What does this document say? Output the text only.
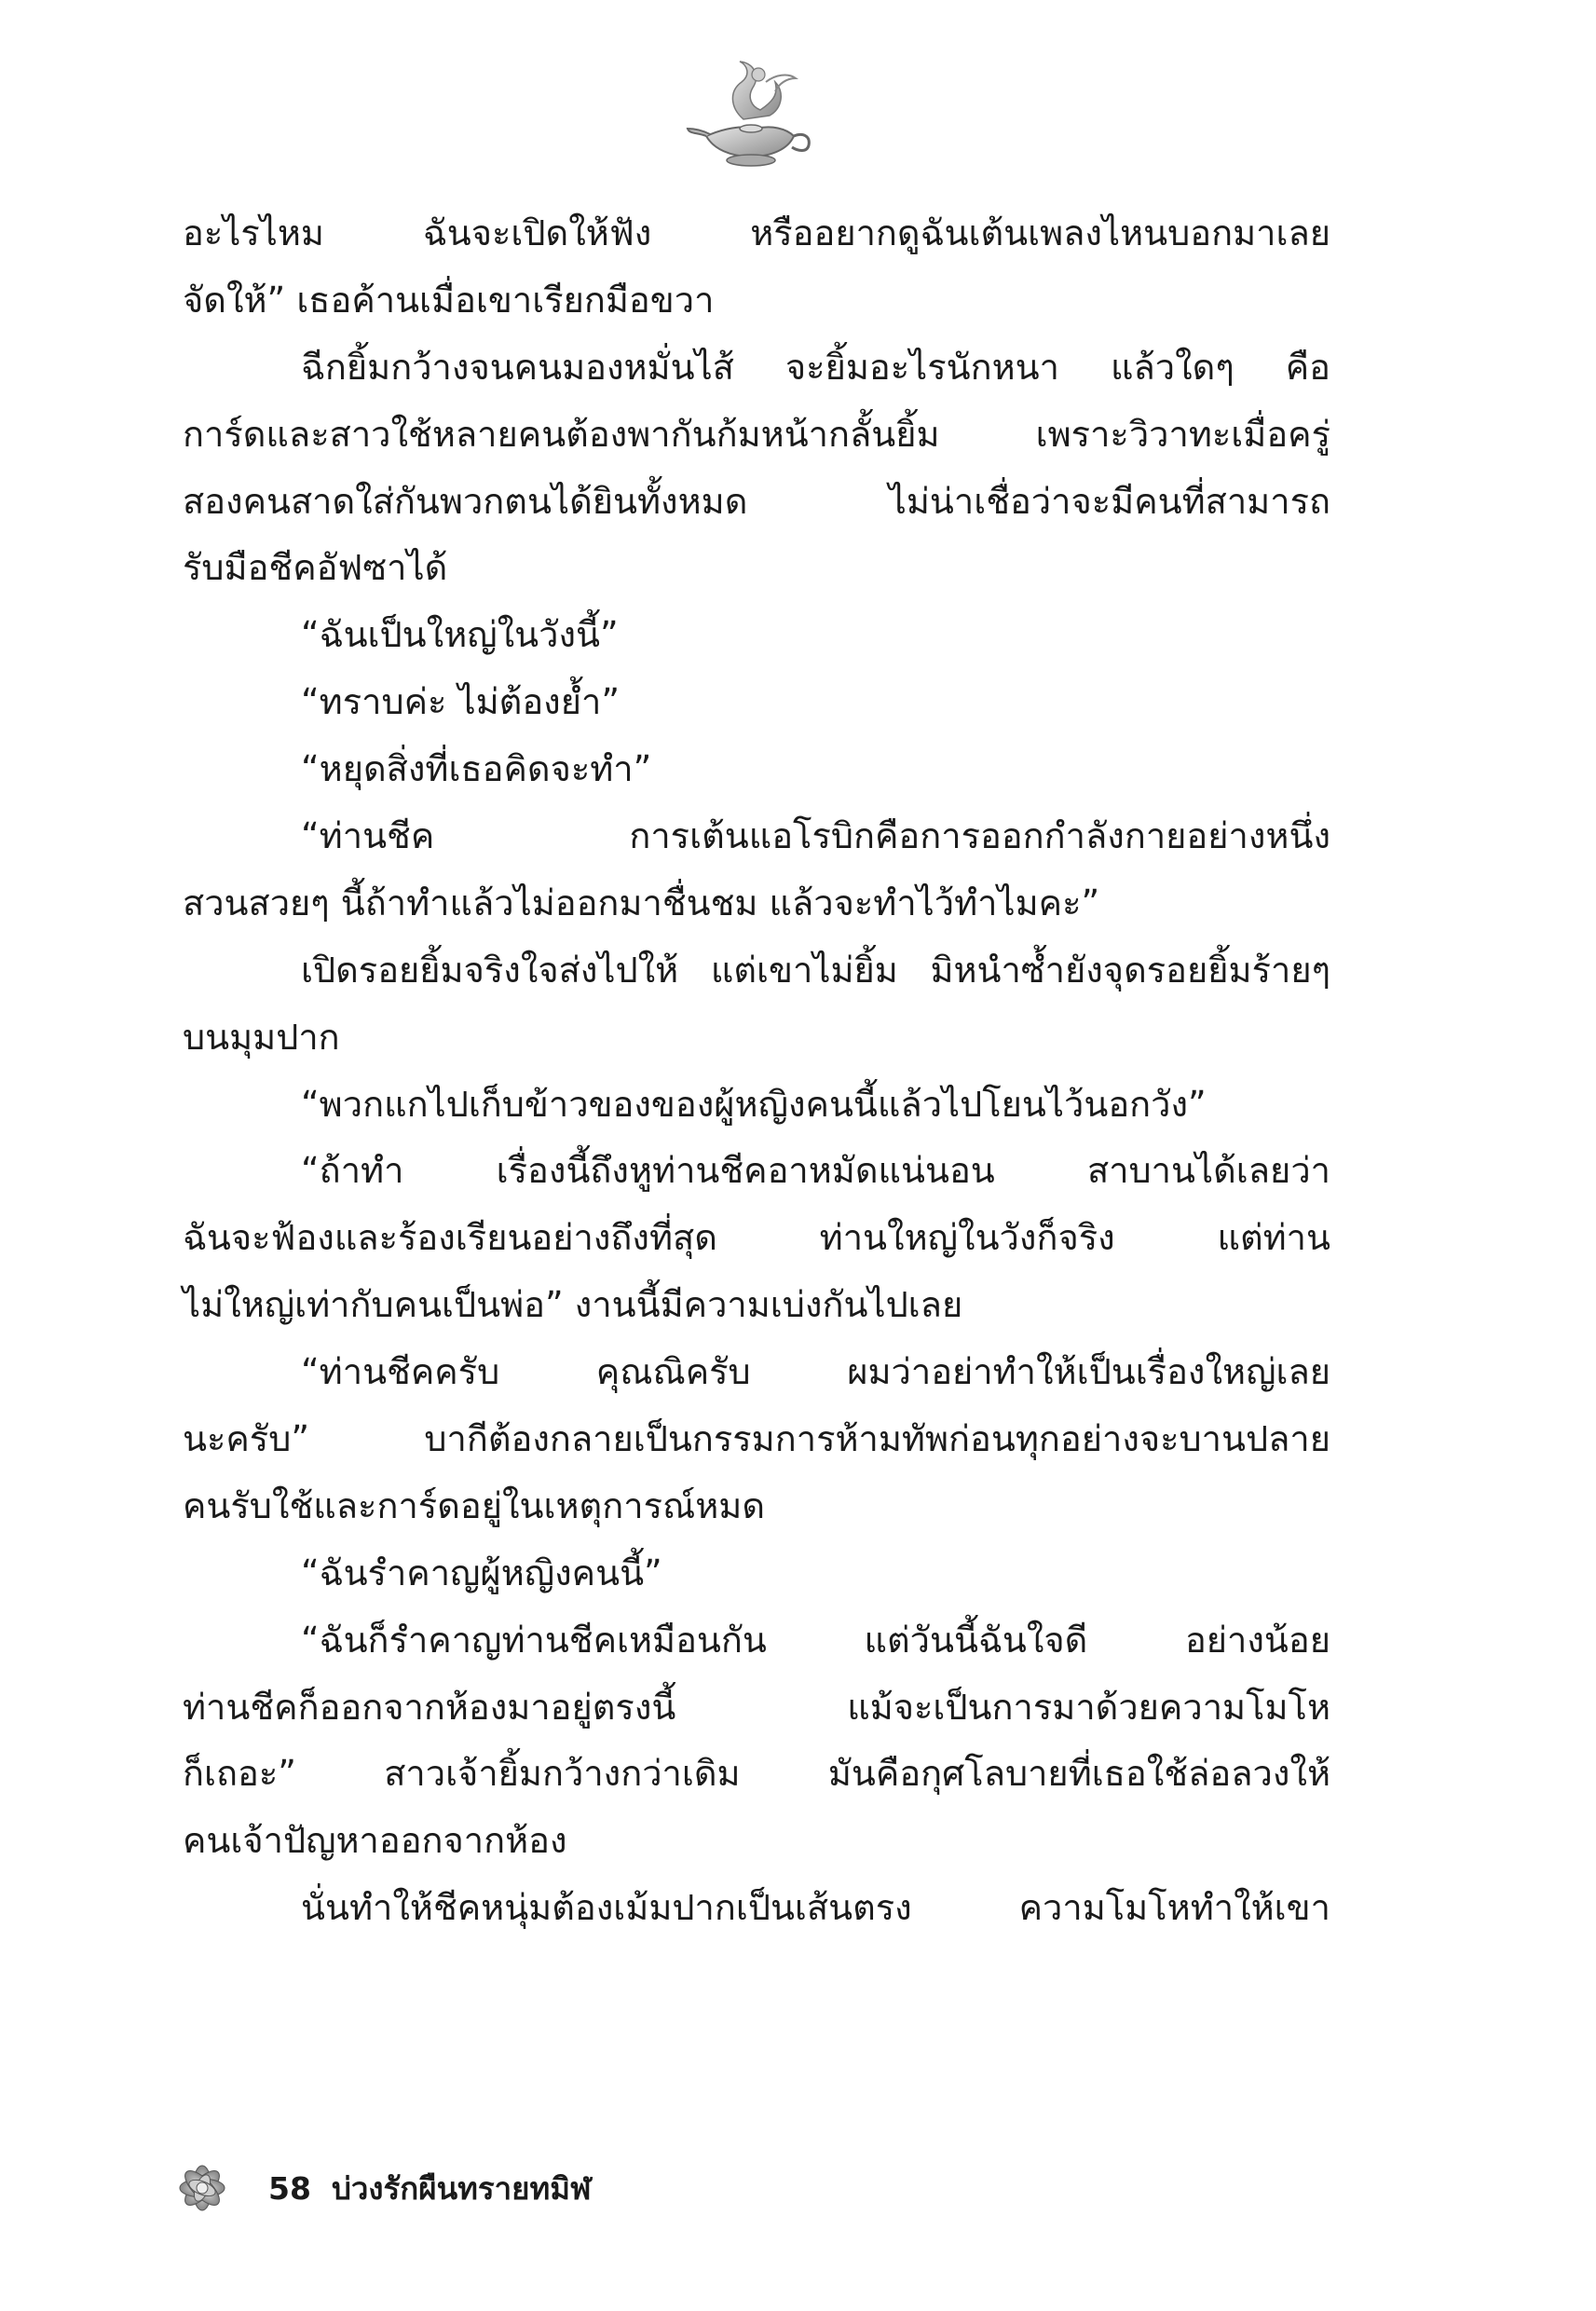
อะไรไหม ฉันจะเปิดให้ฟัง หรืออยากดูฉันเต้นเพลงไหนบอกมาเลย
จัดให้” เธอค้านเมื่อเขาเรียกมือขวา
ฉีกยิ้มกว้างจนคนมองหมั่นไส้ จะยิ้มอะไรนักหนา แล้วใดๆ คือ
การ์ดและสาวใช้หลายคนต้องพากันก้มหน้ากลั้นยิ้ม เพราะวิวาทะเมื่อครู่
สองคนสาดใส่กันพวกตนได้ยินทั้งหมด ไม่น่าเชื่อว่าจะมีคนที่สามารถ
รับมือชีคอัฟซาได้
“ฉันเป็นใหญ่ในวังนี้”
“ทราบค่ะ ไม่ต้องย้ำ”
“หยุดสิ่งที่เธอคิดจะทำ”
“ท่านชีค การเต้นแอโรบิกคือการออกกำลังกายอย่างหนึ่ง
สวนสวยๆ นี้ถ้าทำแล้วไม่ออกมาชื่นชม แล้วจะทำไว้ทำไมคะ”
เปิดรอยยิ้มจริงใจส่งไปให้ แต่เขาไม่ยิ้ม มิหนำซ้ำยังจุดรอยยิ้มร้ายๆ
บนมุมปาก
“พวกแกไปเก็บข้าวของของผู้หญิงคนนี้แล้วไปโยนไว้นอกวัง”
“ถ้าทำ เรื่องนี้ถึงหูท่านชีคอาหมัดแน่นอน สาบานได้เลยว่า
ฉันจะฟ้องและร้องเรียนอย่างถึงที่สุด ท่านใหญ่ในวังก็จริง แต่ท่าน
ไม่ใหญ่เท่ากับคนเป็นพ่อ” งานนี้มีความเบ่งกันไปเลย
“ท่านชีคครับ คุณณิครับ ผมว่าอย่าทำให้เป็นเรื่องใหญ่เลย
นะครับ” บากีต้องกลายเป็นกรรมการห้ามทัพก่อนทุกอย่างจะบานปลาย
คนรับใช้และการ์ดอยู่ในเหตุการณ์หมด
“ฉันรำคาญผู้หญิงคนนี้”
“ฉันก็รำคาญท่านชีคเหมือนกัน แต่วันนี้ฉันใจดี อย่างน้อย
ท่านชีคก็ออกจากห้องมาอยู่ตรงนี้ แม้จะเป็นการมาด้วยความโมโห
ก็เถอะ” สาวเจ้ายิ้มกว้างกว่าเดิม มันคือกุศโลบายที่เธอใช้ล่อลวงให้
คนเจ้าปัญหาออกจากห้อง
นั่นทำให้ชีคหนุ่มต้องเม้มปากเป็นเส้นตรง ความโมโหทำให้เขา
58 บ่วงรักผืนทรายทมิฬ
